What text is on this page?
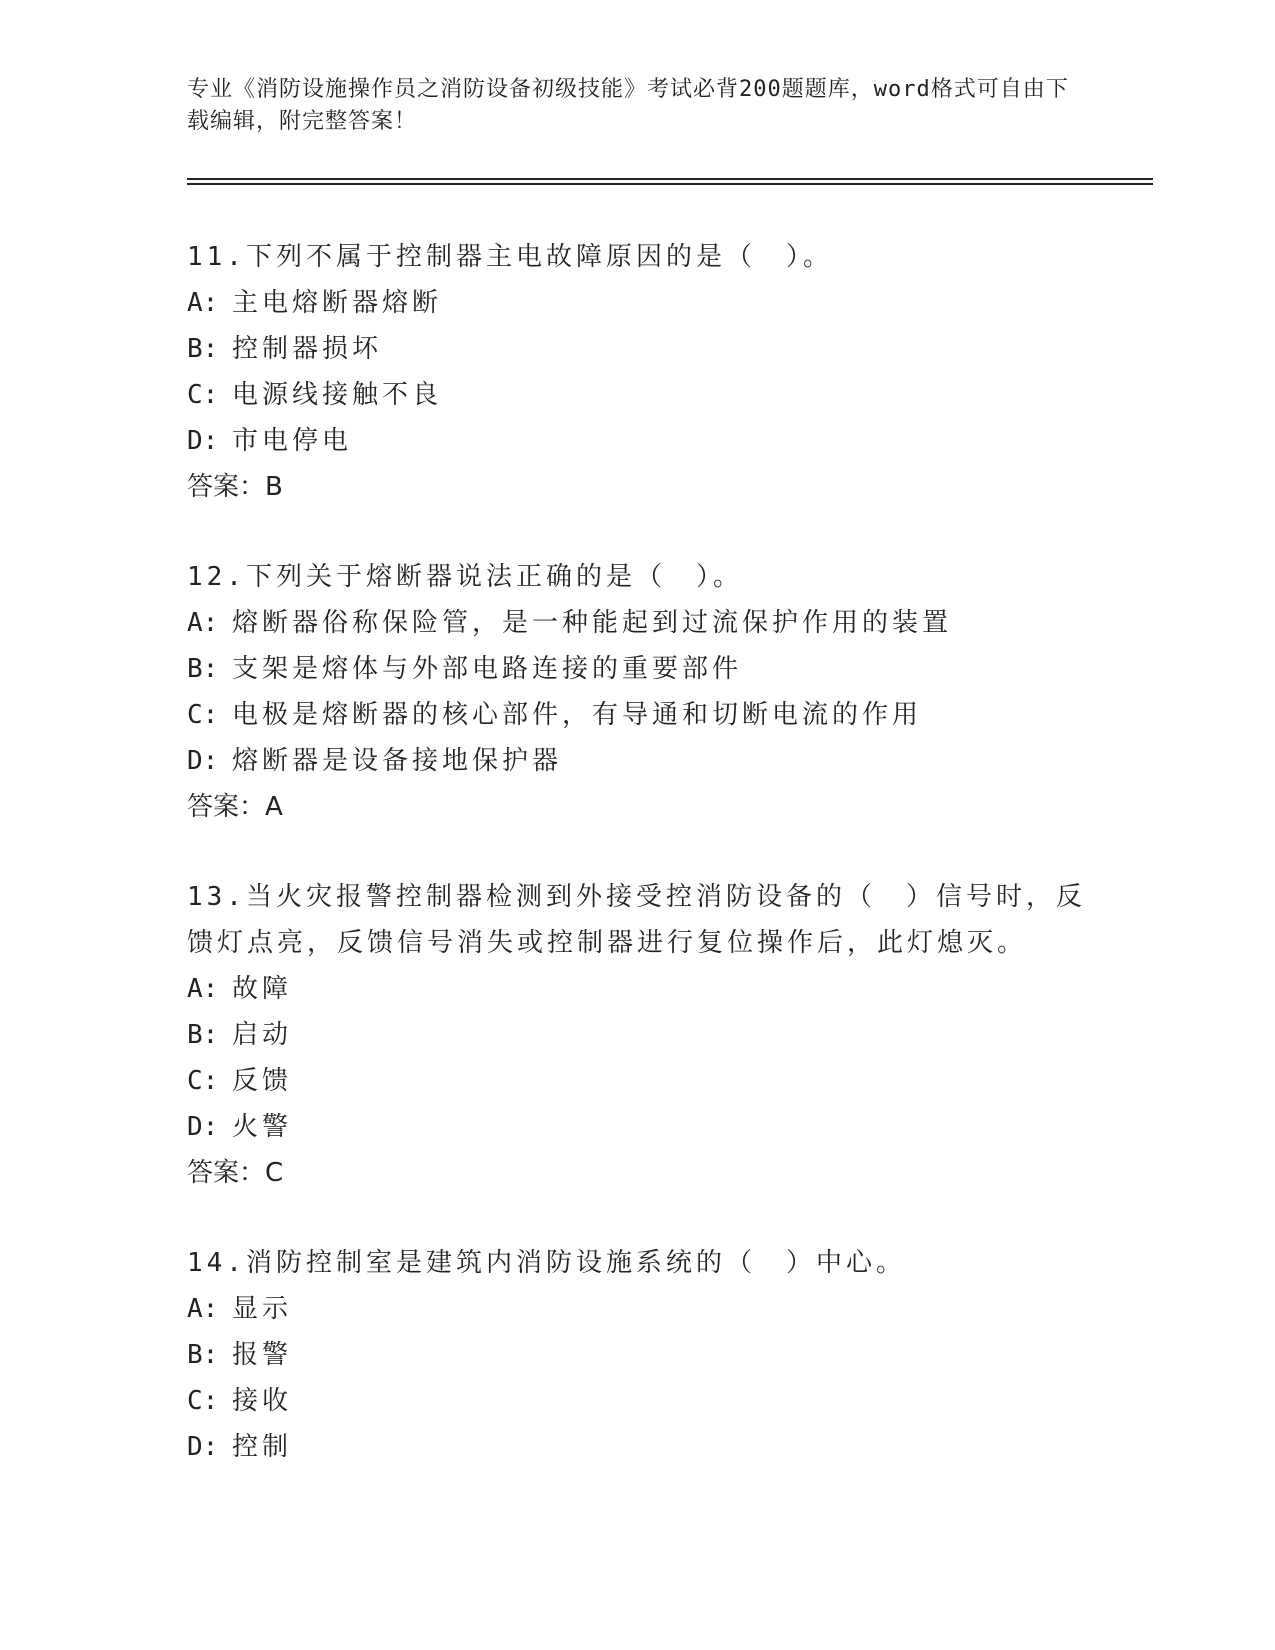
专业《消防设施操作员之消防设备初级技能》考试必背200题题库，word格式可自由下载编辑，附完整答案！
11.下列不属于控制器主电故障原因的是（　）。
A: 主电熔断器熔断
B: 控制器损坏
C: 电源线接触不良
D: 市电停电
答案：B
12.下列关于熔断器说法正确的是（　）。
A: 熔断器俗称保险管，是一种能起到过流保护作用的装置
B: 支架是熔体与外部电路连接的重要部件
C: 电极是熔断器的核心部件，有导通和切断电流的作用
D: 熔断器是设备接地保护器
答案：A
13.当火灾报警控制器检测到外接受控消防设备的（　）信号时，反馈灯点亮，反馈信号消失或控制器进行复位操作后，此灯熄灭。
A: 故障
B: 启动
C: 反馈
D: 火警
答案：C
14.消防控制室是建筑内消防设施系统的（　）中心。
A: 显示
B: 报警
C: 接收
D: 控制
